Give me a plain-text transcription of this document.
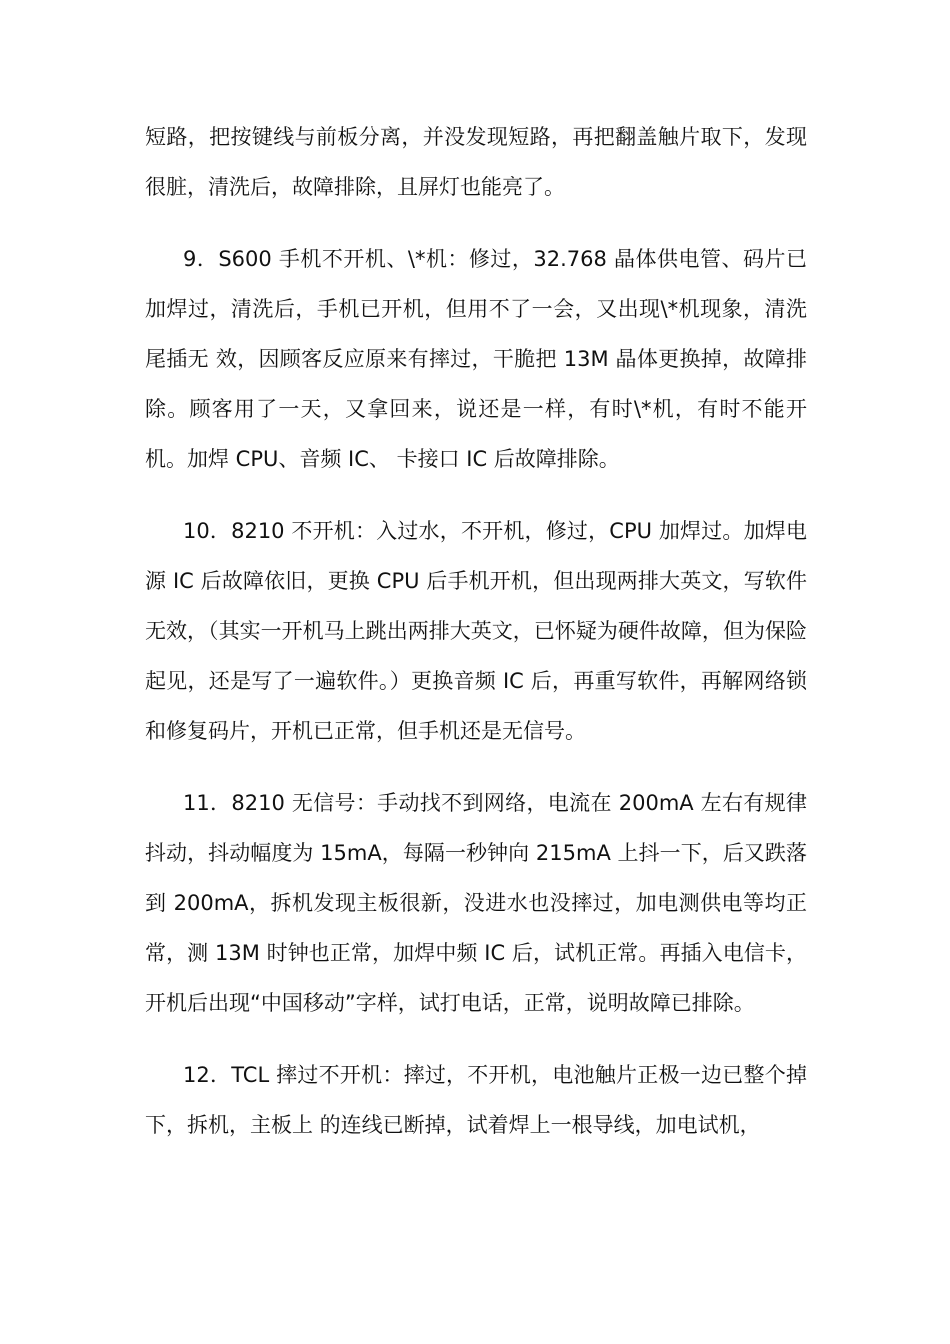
短路，把按键线与前板分离，并没发现短路，再把翻盖触片取下，发现很脏，清洗后，故障排除，且屏灯也能亮了。

9．S600 手机不开机、\*机：修过，32.768 晶体供电管、码片已加焊过，清洗后，手机已开机，但用不了一会，又出现\*机现象，清洗尾插无 效，因顾客反应原来有摔过，干脆把 13M 晶体更换掉，故障排除。顾客用了一天，又拿回来，说还是一样，有时\*机，有时不能开机。加焊 CPU、音频 IC、 卡接口 IC 后故障排除。

10．8210 不开机：入过水，不开机，修过，CPU 加焊过。加焊电源 IC 后故障依旧，更换 CPU 后手机开机，但出现两排大英文，写软件无效，（其实一开机马上跳出两排大英文，已怀疑为硬件故障，但为保险起见，还是写了一遍软件。）更换音频 IC 后，再重写软件，再解网络锁和修复码片，开机已正常，但手机还是无信号。

11．8210 无信号：手动找不到网络，电流在 200mA 左右有规律抖动，抖动幅度为 15mA，每隔一秒钟向 215mA 上抖一下，后又跌落到 200mA，拆机发现主板很新，没进水也没摔过，加电测供电等均正常，测 13M 时钟也正常，加焊中频 IC 后，试机正常。再插入电信卡，开机后出现“中国移动”字样，试打电话，正常，说明故障已排除。

12．TCL 摔过不开机：摔过，不开机，电池触片正极一边已整个掉下，拆机，主板上 的连线已断掉，试着焊上一根导线，加电试机，
